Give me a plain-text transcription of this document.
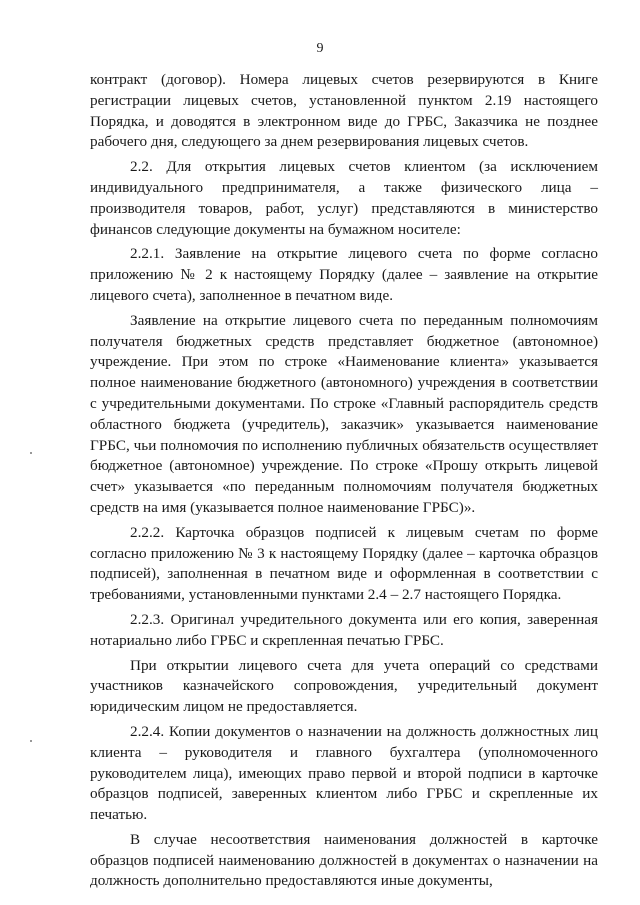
9

контракт (договор). Номера лицевых счетов резервируются в Книге регистрации лицевых счетов, установленной пунктом 2.19 настоящего Порядка, и доводятся в электронном виде до ГРБС, Заказчика не позднее рабочего дня, следующего за днем резервирования лицевых счетов.

2.2. Для открытия лицевых счетов клиентом (за исключением индивидуального предпринимателя, а также физического лица – производителя товаров, работ, услуг) представляются в министерство финансов следующие документы на бумажном носителе:

2.2.1. Заявление на открытие лицевого счета по форме согласно приложению № 2 к настоящему Порядку (далее – заявление на открытие лицевого счета), заполненное в печатном виде.

Заявление на открытие лицевого счета по переданным полномочиям получателя бюджетных средств представляет бюджетное (автономное) учреждение. При этом по строке «Наименование клиента» указывается полное наименование бюджетного (автономного) учреждения в соответствии с учредительными документами. По строке «Главный распорядитель средств областного бюджета (учредитель), заказчик» указывается наименование ГРБС, чьи полномочия по исполнению публичных обязательств осуществляет бюджетное (автономное) учреждение. По строке «Прошу открыть лицевой счет» указывается «по переданным полномочиям получателя бюджетных средств на имя (указывается полное наименование ГРБС)».

2.2.2. Карточка образцов подписей к лицевым счетам по форме согласно приложению № 3 к настоящему Порядку (далее – карточка образцов подписей), заполненная в печатном виде и оформленная в соответствии с требованиями, установленными пунктами 2.4 – 2.7 настоящего Порядка.

2.2.3. Оригинал учредительного документа или его копия, заверенная нотариально либо ГРБС и скрепленная печатью ГРБС.

При открытии лицевого счета для учета операций со средствами участников казначейского сопровождения, учредительный документ юридическим лицом не предоставляется.

2.2.4. Копии документов о назначении на должность должностных лиц клиента – руководителя и главного бухгалтера (уполномоченного руководителем лица), имеющих право первой и второй подписи в карточке образцов подписей, заверенных клиентом либо ГРБС и скрепленные их печатью.

В случае несоответствия наименования должностей в карточке образцов подписей наименованию должностей в документах о назначении на должность дополнительно предоставляются иные документы,
